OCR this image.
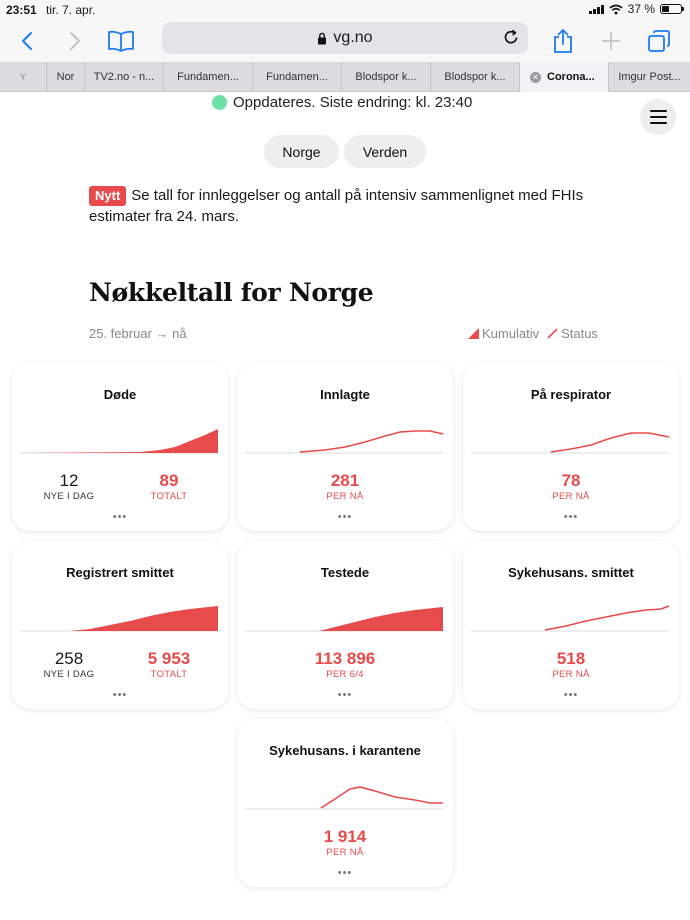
23:51 tir. 7. apr.	37 %
vg.no
Y	Nor	TV2.no - n...	Fundamen...	Fundamen...	Blodspor k...	Blodspor k...	✕ Corona...	Imgur Post...
Oppdateres. Siste endring: kl. 23:40
Norge	Verden
Nytt Se tall for innleggelser og antall på intensiv sammenlignet med FHIs estimater fra 24. mars.
Nøkkeltall for Norge
25. februar → nå	Kumulativ Status
Døde
12
NYE I DAG
89
TOTALT
•••
Innlagte
281
PER NÅ
•••
På respirator
78
PER NÅ
•••
Registrert smittet
258
NYE I DAG
5 953
TOTALT
•••
Testede
113 896
PER 6/4
•••
Sykehusans. smittet
518
PER NÅ
•••
Sykehusans. i karantene
1 914
PER NÅ
•••
